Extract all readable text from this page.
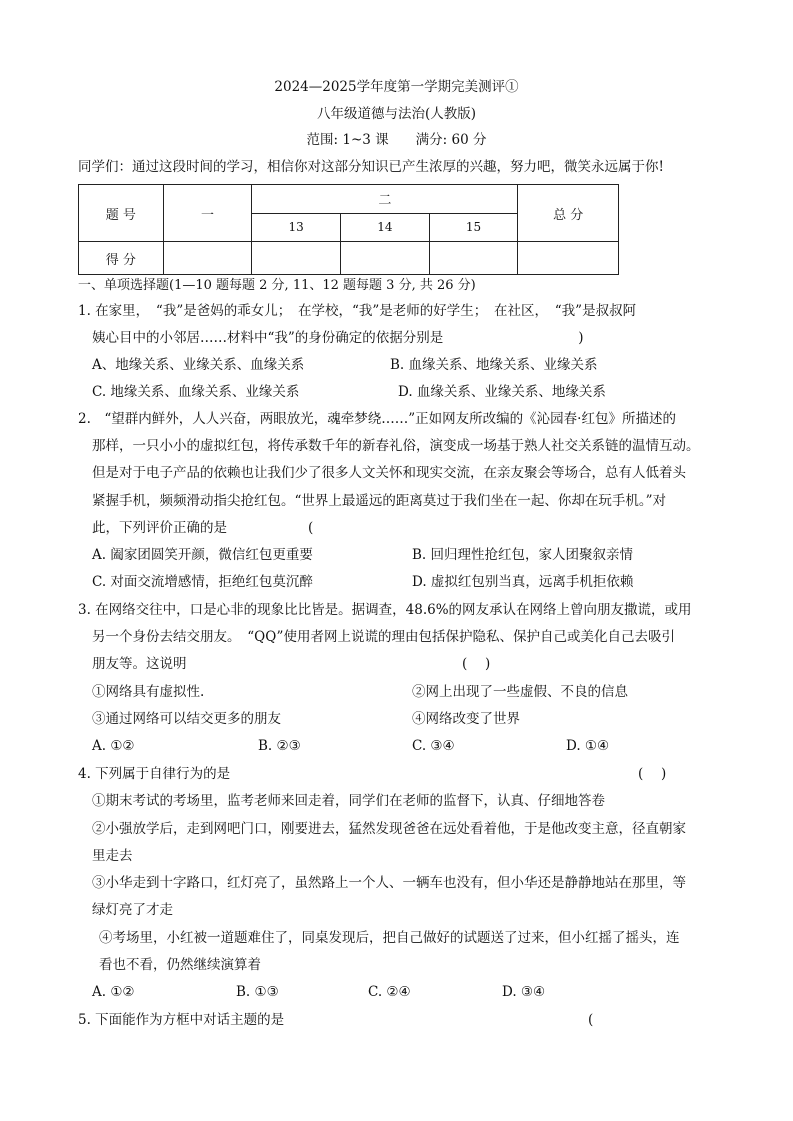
2024—2025学年度第一学期完美测评①
八年级道德与法治(人教版)
范围: 1~3 课　　满分: 60 分
同学们：通过这段时间的学习，相信你对这部分知识已产生浓厚的兴趣，努力吧，微笑永远属于你!
题 号	一	二			总 分
		13	14	15	
得 分					
一、单项选择题(1—10 题每题 2 分, 11、12 题每题 3 分, 共 26 分)
1. 在家里，　“我”是爸妈的乖女儿；　在学校，“我”是老师的好学生；　在社区，　“我”是叔叔阿
姨心目中的小邻居……材料中“我”的身份确定的依据分别是　　　　　　　　　　)
A、地缘关系、业缘关系、血缘关系	B. 血缘关系、地缘关系、业缘关系
C. 地缘关系、血缘关系、业缘关系	D. 血缘关系、业缘关系、地缘关系
2.　“望群内鲜外，人人兴奋，两眼放光，魂牵梦绕……”正如网友所改编的《沁园春·红包》所描述的
那样，一只小小的虚拟红包，将传承数千年的新春礼俗，演变成一场基于熟人社交关系链的温情互动。
但是对于电子产品的依赖也让我们少了很多人文关怀和现实交流，在亲友聚会等场合，总有人低着头
紧握手机，频频滑动指尖抢红包。“世界上最遥远的距离莫过于我们坐在一起、你却在玩手机。”对
此，下列评价正确的是　　　　　　(
A. 阖家团圆笑开颜，微信红包更重要	B. 回归理性抢红包，家人团聚叙亲情
C. 对面交流增感情，拒绝红包莫沉醉	D. 虚拟红包别当真，远离手机拒依赖
3. 在网络交往中，口是心非的现象比比皆是。据调查，48.6%的网友承认在网络上曾向朋友撒谎，或用
另一个身份去结交朋友。　“QQ”使用者网上说谎的理由包括保护隐私、保护自己或美化自己去吸引
朋友等。这说明	(　 )
①网络具有虚拟性.	②网上出现了一些虚假、不良的信息
③通过网络可以结交更多的朋友	④网络改变了世界
A. ①②	B. ②③	C. ③④	D. ①④
4. 下列属于自律行为的是	(　 )
①期末考试的考场里，监考老师来回走着，同学们在老师的监督下，认真、仔细地答卷
②小强放学后，走到网吧门口，刚要进去，猛然发现爸爸在远处看着他，于是他改变主意，径直朝家
里走去
③小华走到十字路口，红灯亮了，虽然路上一个人、一辆车也没有，但小华还是静静地站在那里，等
绿灯亮了才走
④考场里，小红被一道题难住了，同桌发现后，把自己做好的试题送了过来，但小红摇了摇头，连
看也不看，仍然继续演算着
A. ①②	B. ①③	C. ②④	D. ③④
5. 下面能作为方框中对话主题的是	(
